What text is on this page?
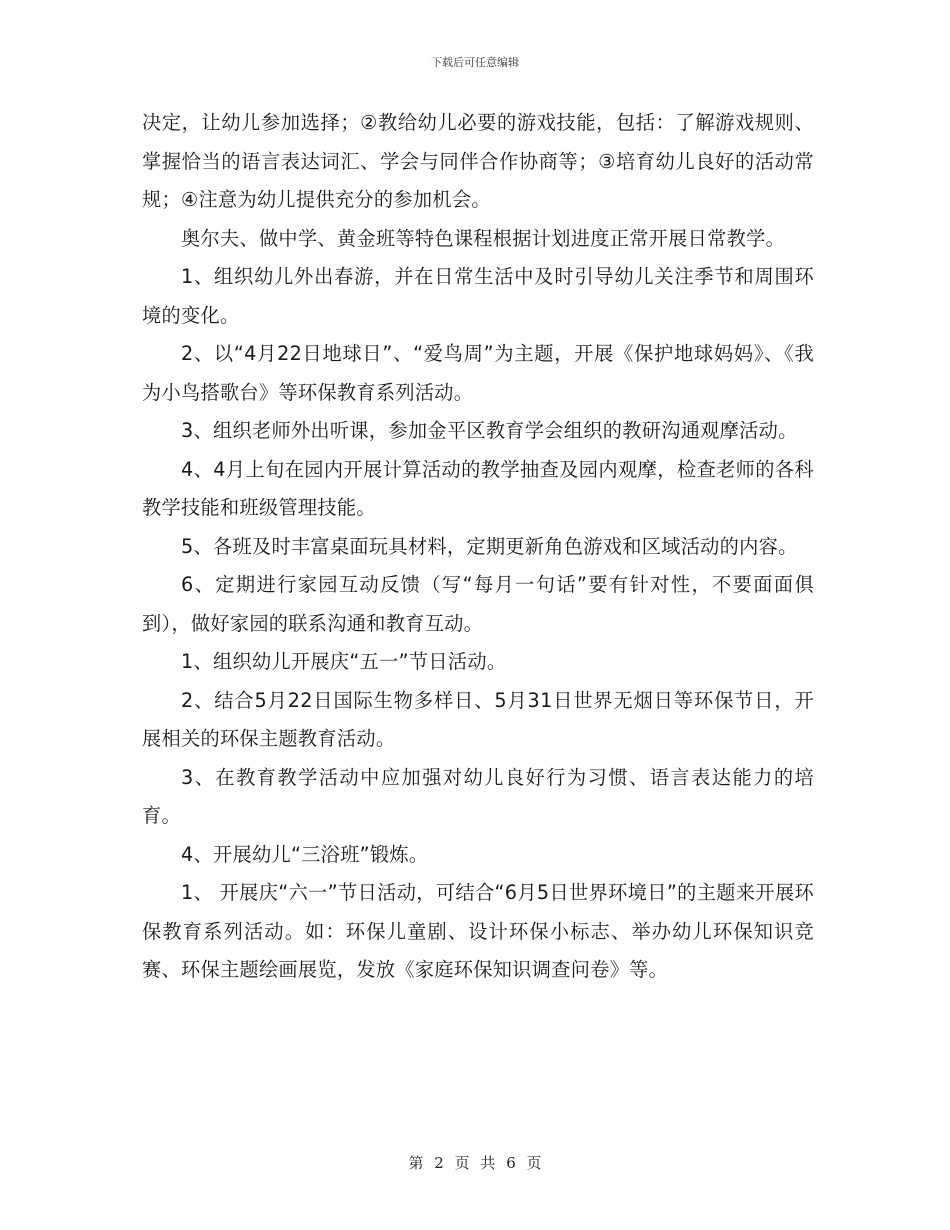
下载后可任意编辑

决定，让幼儿参加选择；②教给幼儿必要的游戏技能，包括：了解游戏规则、掌握恰当的语言表达词汇、学会与同伴合作协商等；③培育幼儿良好的活动常规；④注意为幼儿提供充分的参加机会。

奥尔夫、做中学、黄金班等特色课程根据计划进度正常开展日常教学。

1、组织幼儿外出春游，并在日常生活中及时引导幼儿关注季节和周围环境的变化。

2、以“4月22日地球日”、“爱鸟周”为主题，开展《保护地球妈妈》、《我为小鸟搭歌台》等环保教育系列活动。

3、组织老师外出听课，参加金平区教育学会组织的教研沟通观摩活动。

4、4月上旬在园内开展计算活动的教学抽查及园内观摩，检查老师的各科教学技能和班级管理技能。

5、各班及时丰富桌面玩具材料，定期更新角色游戏和区域活动的内容。

6、定期进行家园互动反馈（写“每月一句话”要有针对性，不要面面俱到），做好家园的联系沟通和教育互动。

1、组织幼儿开展庆“五一”节日活动。

2、结合5月22日国际生物多样日、5月31日世界无烟日等环保节日，开展相关的环保主题教育活动。

3、在教育教学活动中应加强对幼儿良好行为习惯、语言表达能力的培育。

4、开展幼儿“三浴班”锻炼。

1、 开展庆“六一”节日活动，可结合“6月5日世界环境日”的主题来开展环保教育系列活动。如：环保儿童剧、设计环保小标志、举办幼儿环保知识竞赛、环保主题绘画展览，发放《家庭环保知识调查问卷》等。

第 2 页 共 6 页
